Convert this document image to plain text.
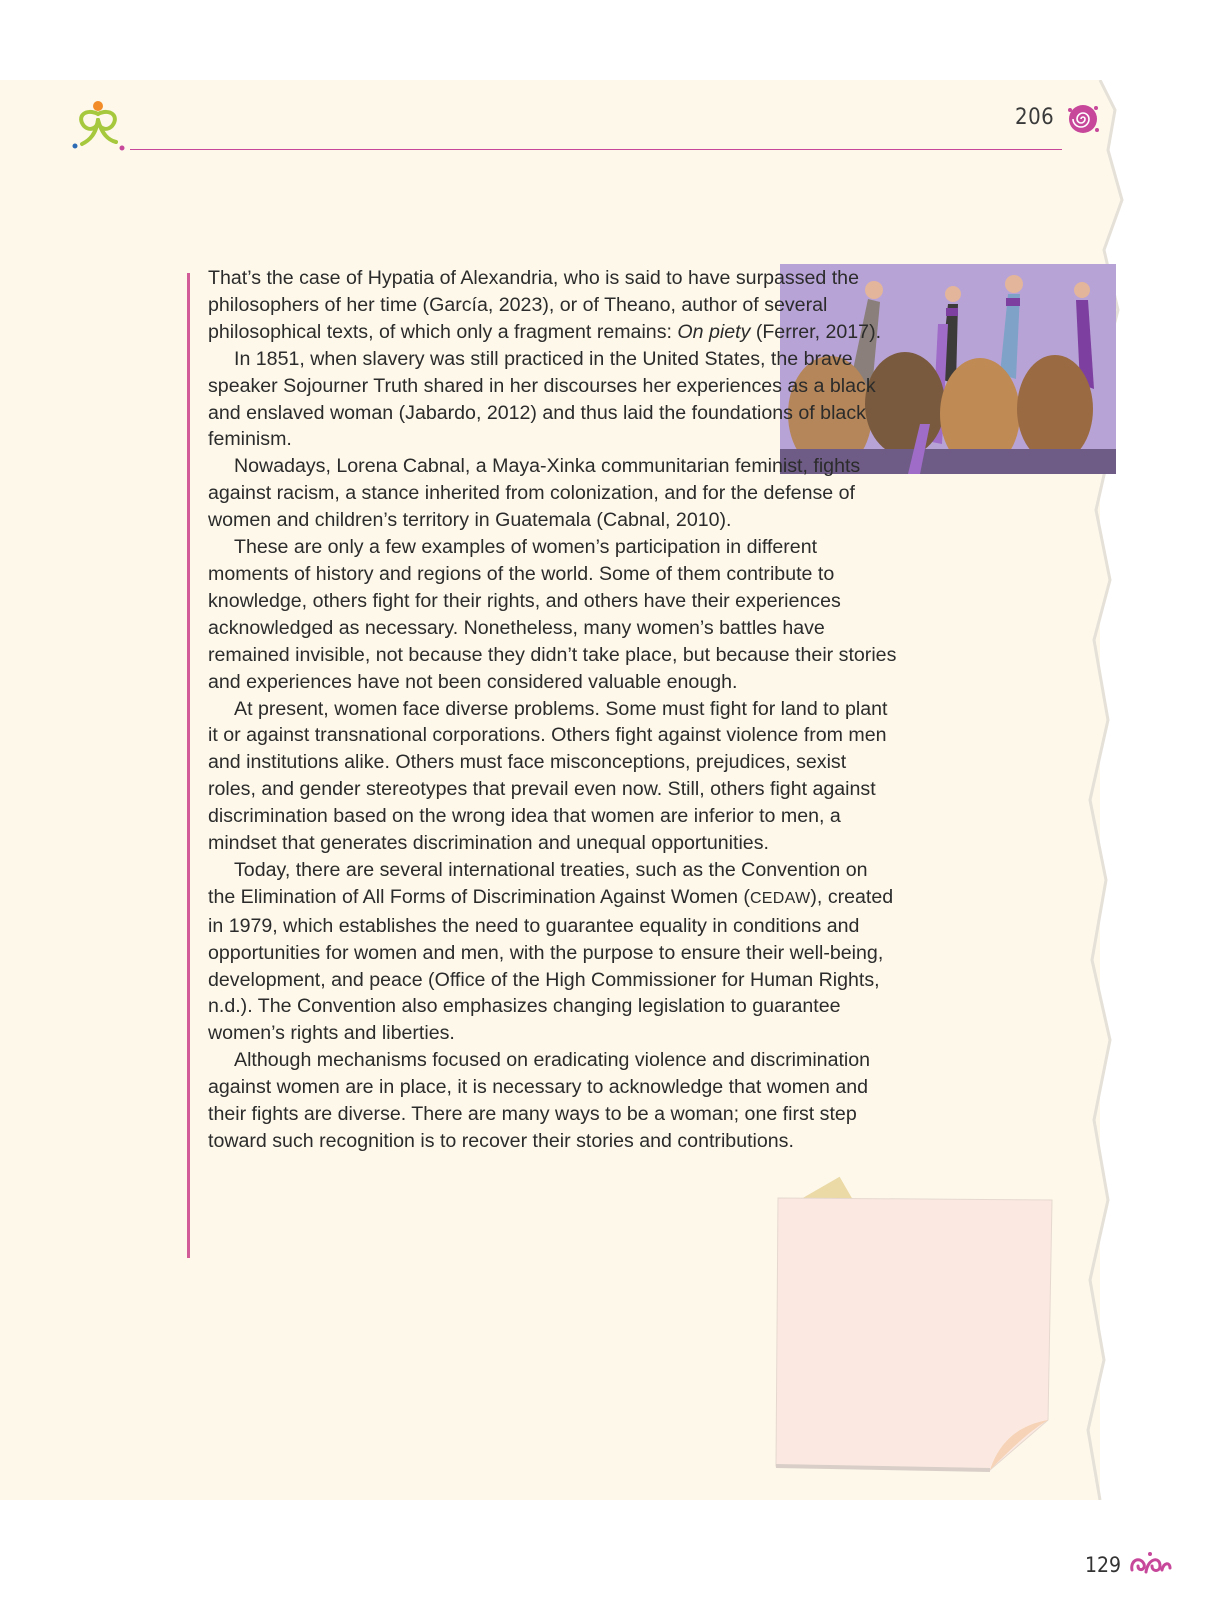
206

That’s the case of Hypatia of Alexandria, who is said to have surpassed the philosophers of her time (García, 2023), or of Theano, author of several philosophical texts, of which only a fragment remains: On piety (Ferrer, 2017).

In 1851, when slavery was still practiced in the United States, the brave speaker Sojourner Truth shared in her discourses her experiences as a black and enslaved woman (Jabardo, 2012) and thus laid the foundations of black feminism.

Nowadays, Lorena Cabnal, a Maya-Xinka communitarian feminist, fights against racism, a stance inherited from colonization, and for the defense of women and children’s territory in Guatemala (Cabnal, 2010).

These are only a few examples of women’s participation in different moments of history and regions of the world. Some of them contribute to knowledge, others fight for their rights, and others have their experiences acknowledged as necessary. Nonetheless, many women’s battles have remained invisible, not because they didn’t take place, but because their stories and experiences have not been considered valuable enough.

At present, women face diverse problems. Some must fight for land to plant it or against transnational corporations. Others fight against violence from men and institutions alike. Others must face misconceptions, prejudices, sexist roles, and gender stereotypes that prevail even now. Still, others fight against discrimination based on the wrong idea that women are inferior to men, a mindset that generates discrimination and unequal opportunities.

Today, there are several international treaties, such as the Convention on the Elimination of All Forms of Discrimination Against Women (CEDAW), created in 1979, which establishes the need to guarantee equality in conditions and opportunities for women and men, with the purpose to ensure their well-being, development, and peace (Office of the High Commissioner for Human Rights, n.d.). The Convention also emphasizes changing legislation to guarantee women’s rights and liberties.

Although mechanisms focused on eradicating violence and discrimination against women are in place, it is necessary to acknowledge that women and their fights are diverse. There are many ways to be a woman; one first step toward such recognition is to recover their stories and contributions.

129
